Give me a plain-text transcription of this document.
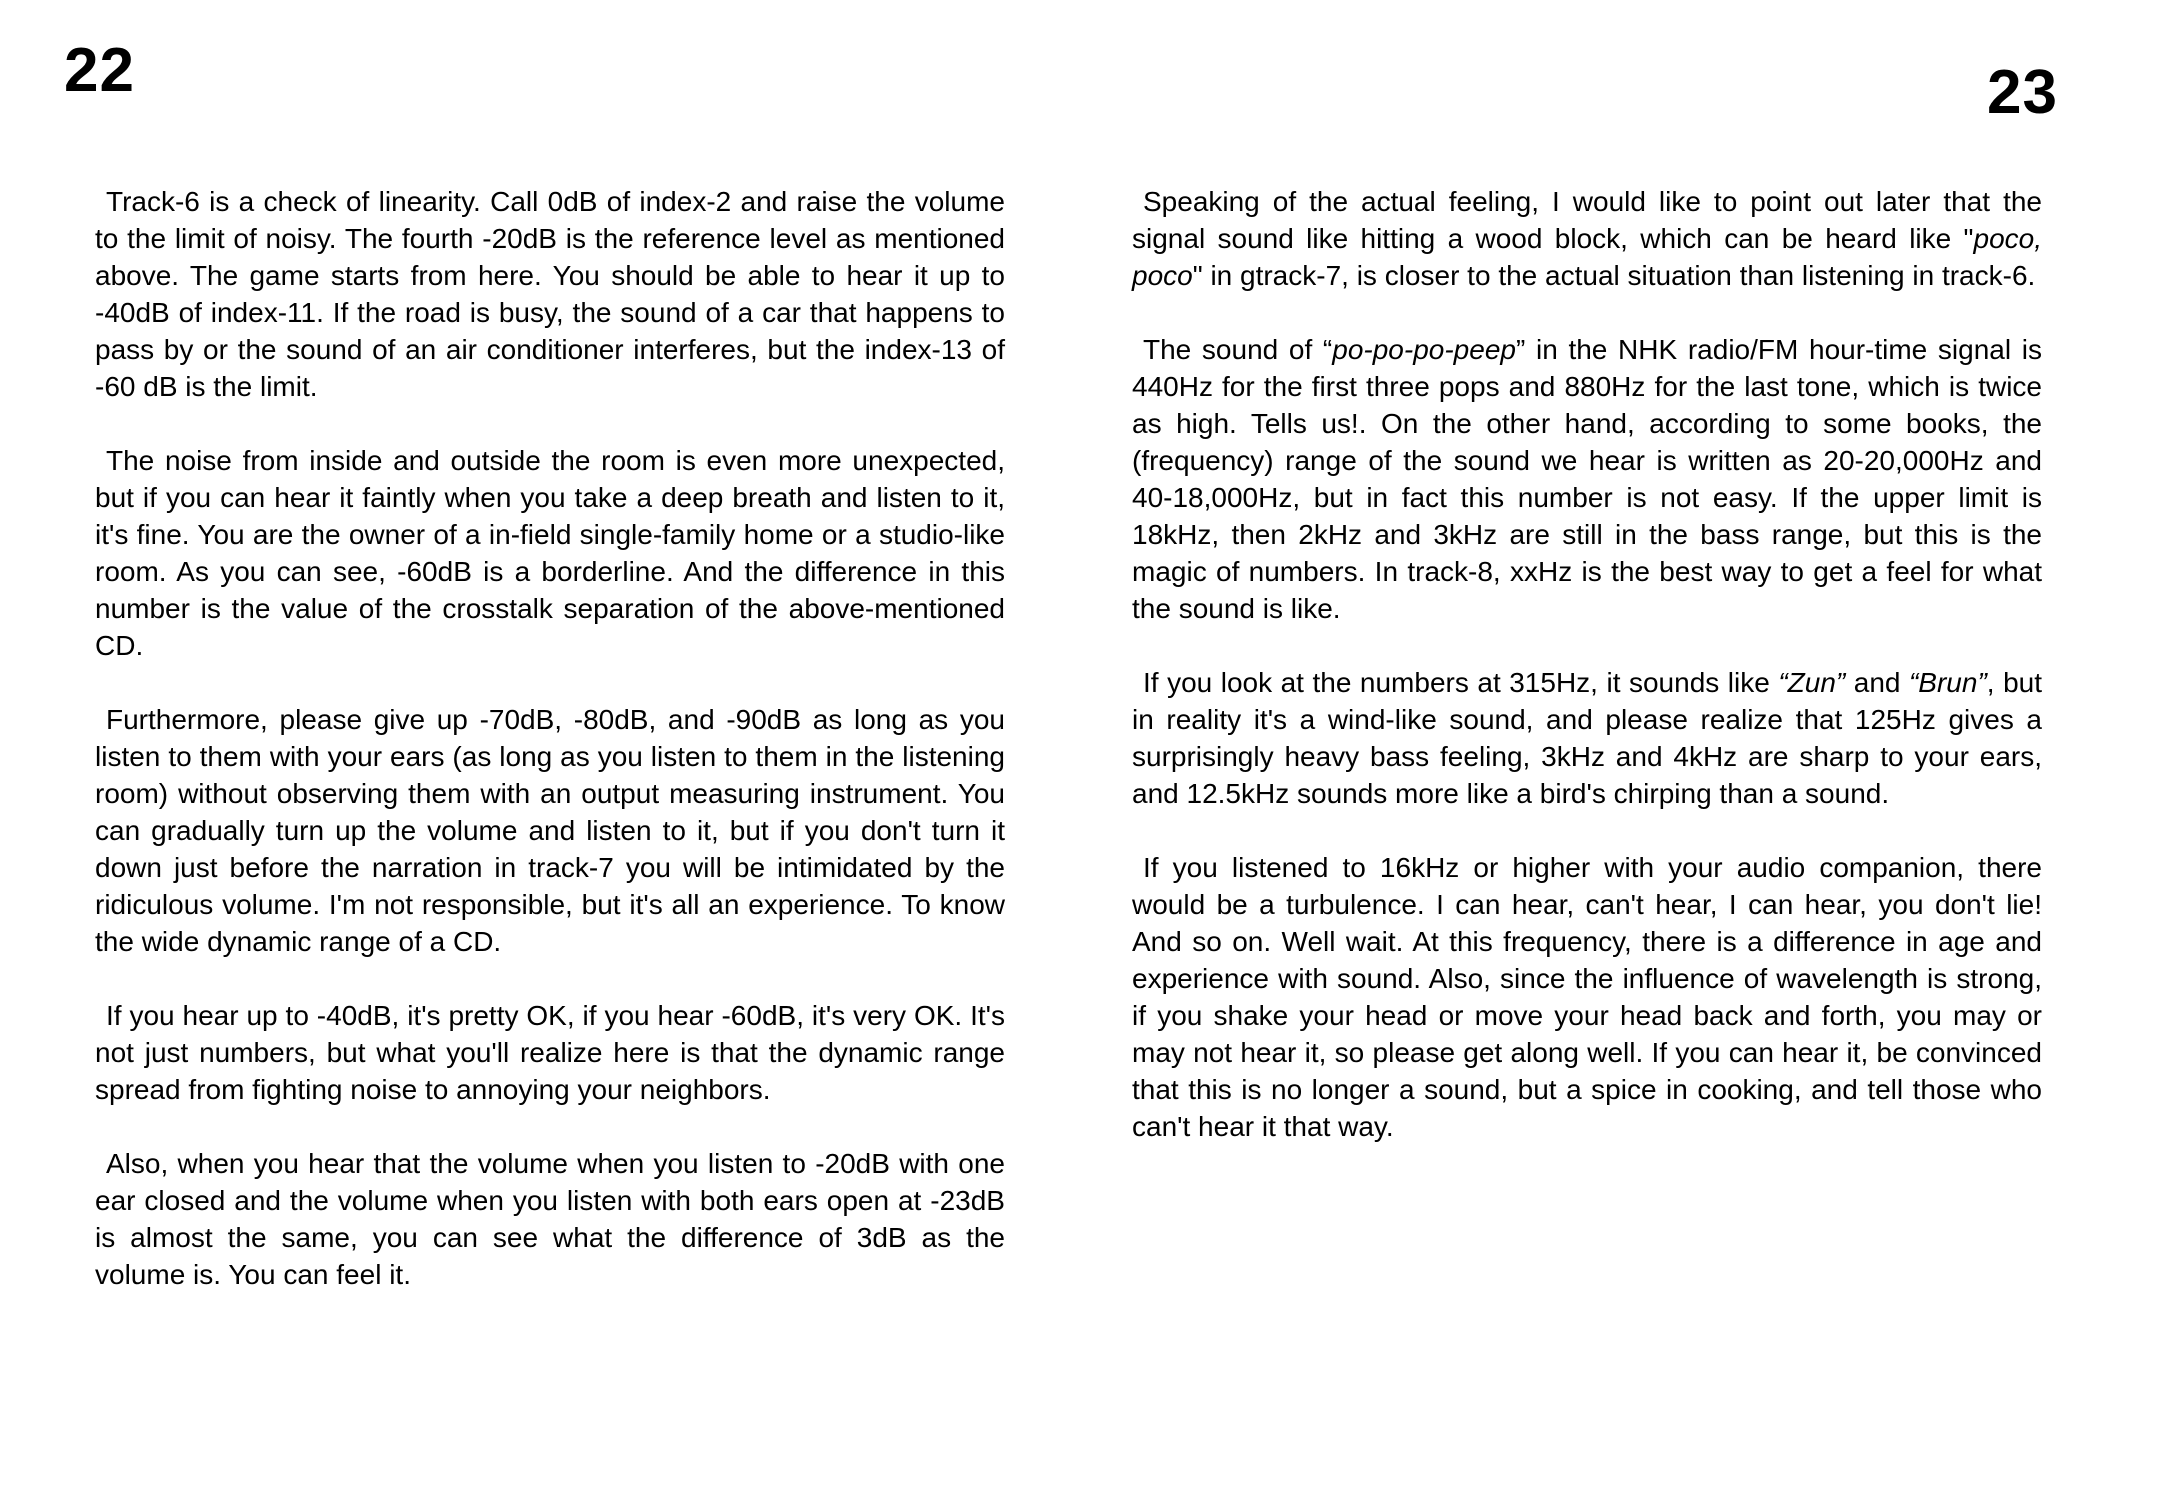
22	23

Track-6 is a check of linearity. Call 0dB of index-2 and raise the volume to the limit of noisy. The fourth -20dB is the reference level as mentioned above. The game starts from here. You should be able to hear it up to -40dB of index-11. If the road is busy, the sound of a car that happens to pass by or the sound of an air conditioner interferes, but the index-13 of -60 dB is the limit.

The noise from inside and outside the room is even more unexpected, but if you can hear it faintly when you take a deep breath and listen to it, it's fine. You are the owner of a in-field single-family home or a studio-like room. As you can see, -60dB is a borderline. And the difference in this number is the value of the crosstalk separation of the above-mentioned CD.

Furthermore, please give up -70dB, -80dB, and -90dB as long as you listen to them with your ears (as long as you listen to them in the listening room) without observing them with an output measuring instrument. You can gradually turn up the volume and listen to it, but if you don't turn it down just before the narration in track-7 you will be intimidated by the ridiculous volume. I'm not responsible, but it's all an experience. To know the wide dynamic range of a CD.

If you hear up to -40dB, it's pretty OK, if you hear -60dB, it's very OK. It's not just numbers, but what you'll realize here is that the dynamic range spread from fighting noise to annoying your neighbors.

Also, when you hear that the volume when you listen to -20dB with one ear closed and the volume when you listen with both ears open at -23dB is almost the same, you can see what the difference of 3dB as the volume is. You can feel it.

Speaking of the actual feeling, I would like to point out later that the signal sound like hitting a wood block, which can be heard like "poco, poco" in gtrack-7, is closer to the actual situation than listening in track-6.

The sound of “po-po-po-peep” in the NHK radio/FM hour-time signal is 440Hz for the first three pops and 880Hz for the last tone, which is twice as high. Tells us!. On the other hand, according to some books, the (frequency) range of the sound we hear is written as 20-20,000Hz and 40-18,000Hz, but in fact this number is not easy. If the upper limit is 18kHz, then 2kHz and 3kHz are still in the bass range, but this is the magic of numbers. In track-8, xxHz is the best way to get a feel for what the sound is like.

If you look at the numbers at 315Hz, it sounds like “Zun” and “Brun”, but in reality it's a wind-like sound, and please realize that 125Hz gives a surprisingly heavy bass feeling, 3kHz and 4kHz are sharp to your ears, and 12.5kHz sounds more like a bird's chirping than a sound.

If you listened to 16kHz or higher with your audio companion, there would be a turbulence. I can hear, can't hear, I can hear, you don't lie! And so on. Well wait. At this frequency, there is a difference in age and experience with sound. Also, since the influence of wavelength is strong, if you shake your head or move your head back and forth, you may or may not hear it, so please get along well. If you can hear it, be convinced that this is no longer a sound, but a spice in cooking, and tell those who can't hear it that way.
